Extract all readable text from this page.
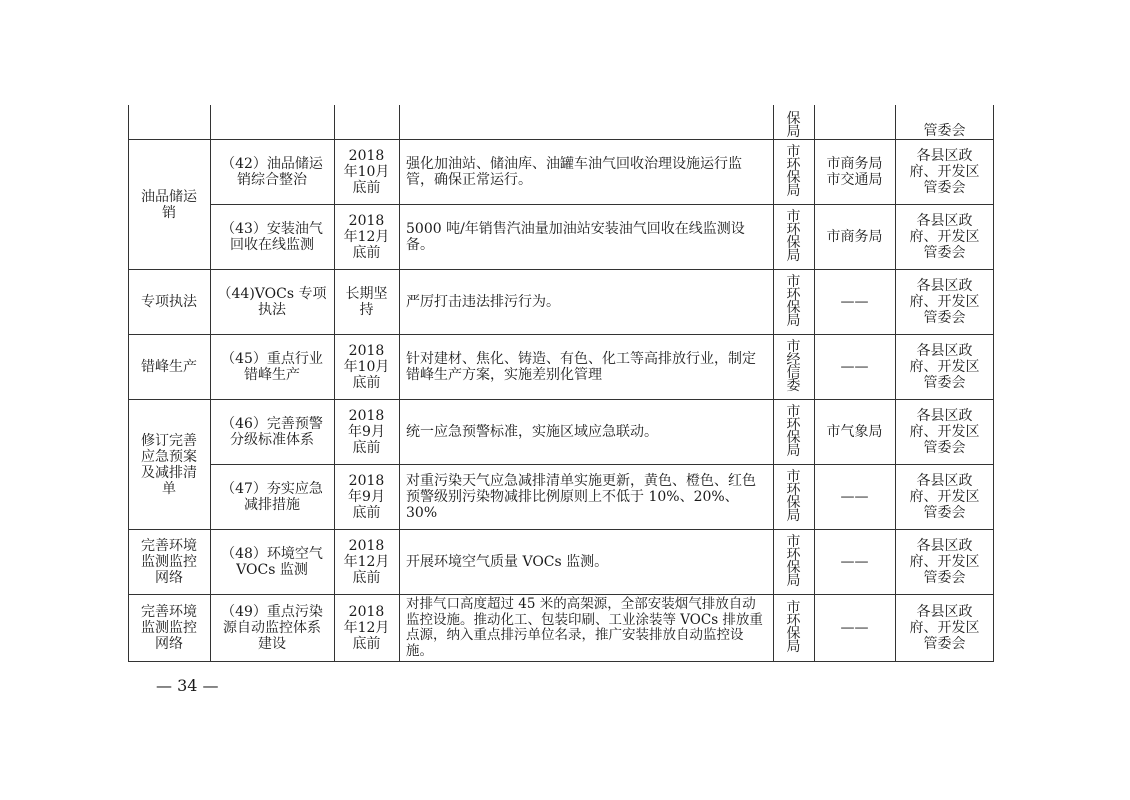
保局	管委会
油品储运销
修订完善应急预案及减排清单
（42）油品储运销综合整治
2018年10月底前
强化加油站、储油库、油罐车油气回收治理设施运行监管，确保正常运行。
市环保局
市商务局市交通局
各县区政府、开发区管委会
（43）安装油气回收在线监测
2018年12月底前
5000 吨/年销售汽油量加油站安装油气回收在线监测设备。
市环保局
市商务局
各县区政府、开发区管委会
专项执法 （44)VOCs 专项执法
长期坚持	严厉打击违法排污行为。
市环保局
——
各县区政府、开发区管委会
错峰生产 （45）重点行业错峰生产
2018年10月底前
针对建材、焦化、铸造、有色、化工等高排放行业，制定错峰生产方案，实施差别化管理
市经信委
——
各县区政府、开发区管委会
（46）完善预警分级标准体系
2018年9月底前
统一应急预警标准，实施区域应急联动。
市环保局
市气象局
各县区政府、开发区管委会
（47）夯实应急减排措施
2018年9月底前
对重污染天气应急减排清单实施更新，黄色、橙色、红色预警级别污染物减排比例原则上不低于 10%、20%、30%
市环保局
——
各县区政府、开发区管委会
完善环境监测监控网络
（48）环境空气VOCs 监测
2018年12月底前
开展环境空气质量 VOCs 监测。
市环保局
——
各县区政府、开发区管委会
完善环境监测监控网络
（49）重点污染源自动监控体系建设
2018年12月底前
对排气口高度超过 45 米的高架源，全部安装烟气排放自动监控设施。推动化工、包装印刷、工业涂装等 VOCs 排放重点源，纳入重点排污单位名录，推广安装排放自动监控设施。
市环保局
——
各县区政府、开发区管委会
— 34 —
